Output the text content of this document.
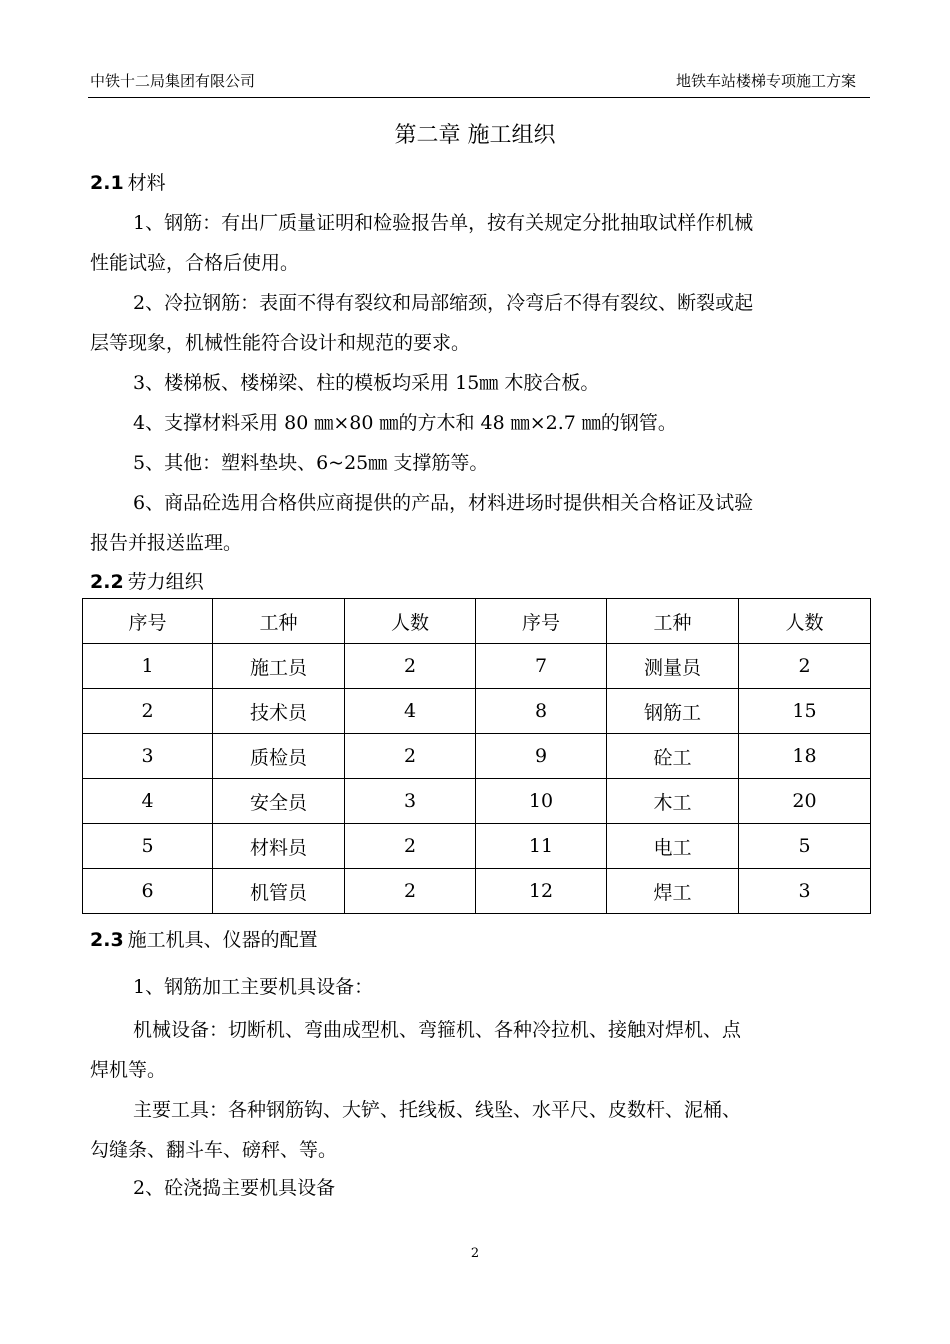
中铁十二局集团有限公司	地铁车站楼梯专项施工方案
第二章 施工组织
2.1 材料
1、钢筋：有出厂质量证明和检验报告单，按有关规定分批抽取试样作机械
性能试验，合格后使用。
2、冷拉钢筋：表面不得有裂纹和局部缩颈，冷弯后不得有裂纹、断裂或起
层等现象，机械性能符合设计和规范的要求。
3、楼梯板、楼梯梁、柱的模板均采用 15㎜ 木胶合板。
4、支撑材料采用 80 ㎜×80 ㎜的方木和 48 ㎜×2.7 ㎜的钢管。
5、其他：塑料垫块、6~25㎜ 支撑筋等。
6、商品砼选用合格供应商提供的产品，材料进场时提供相关合格证及试验
报告并报送监理。
2.2 劳力组织
序号	工种	人数	序号	工种	人数
1	施工员	2	7	测量员	2
2	技术员	4	8	钢筋工	15
3	质检员	2	9	砼工	18
4	安全员	3	10	木工	20
5	材料员	2	11	电工	5
6	机管员	2	12	焊工	3
2.3 施工机具、仪器的配置
1、钢筋加工主要机具设备：
机械设备：切断机、弯曲成型机、弯箍机、各种冷拉机、接触对焊机、点
焊机等。
主要工具：各种钢筋钩、大铲、托线板、线坠、水平尺、皮数杆、泥桶、
勾缝条、翻斗车、磅秤、等。
2、砼浇捣主要机具设备
2
